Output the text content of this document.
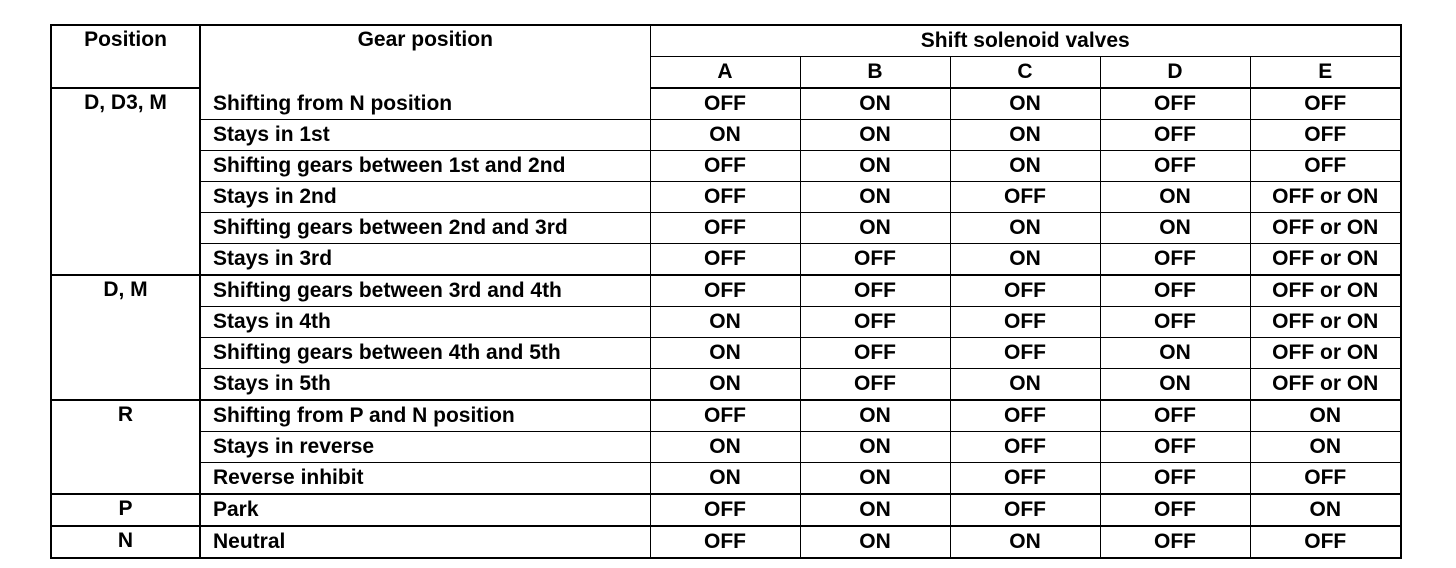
Position	Gear position	Shift solenoid valves				
		A	B	C	D	E
D, D3, M	Shifting from N position	OFF	ON	ON	OFF	OFF
	Stays in 1st	ON	ON	ON	OFF	OFF
	Shifting gears between 1st and 2nd	OFF	ON	ON	OFF	OFF
	Stays in 2nd	OFF	ON	OFF	ON	OFF or ON
	Shifting gears between 2nd and 3rd	OFF	ON	ON	ON	OFF or ON
	Stays in 3rd	OFF	OFF	ON	OFF	OFF or ON
D, M	Shifting gears between 3rd and 4th	OFF	OFF	OFF	OFF	OFF or ON
	Stays in 4th	ON	OFF	OFF	OFF	OFF or ON
	Shifting gears between 4th and 5th	ON	OFF	OFF	ON	OFF or ON
	Stays in 5th	ON	OFF	ON	ON	OFF or ON
R	Shifting from P and N position	OFF	ON	OFF	OFF	ON
	Stays in reverse	ON	ON	OFF	OFF	ON
	Reverse inhibit	ON	ON	OFF	OFF	OFF
P	Park	OFF	ON	OFF	OFF	ON
N	Neutral	OFF	ON	ON	OFF	OFF
